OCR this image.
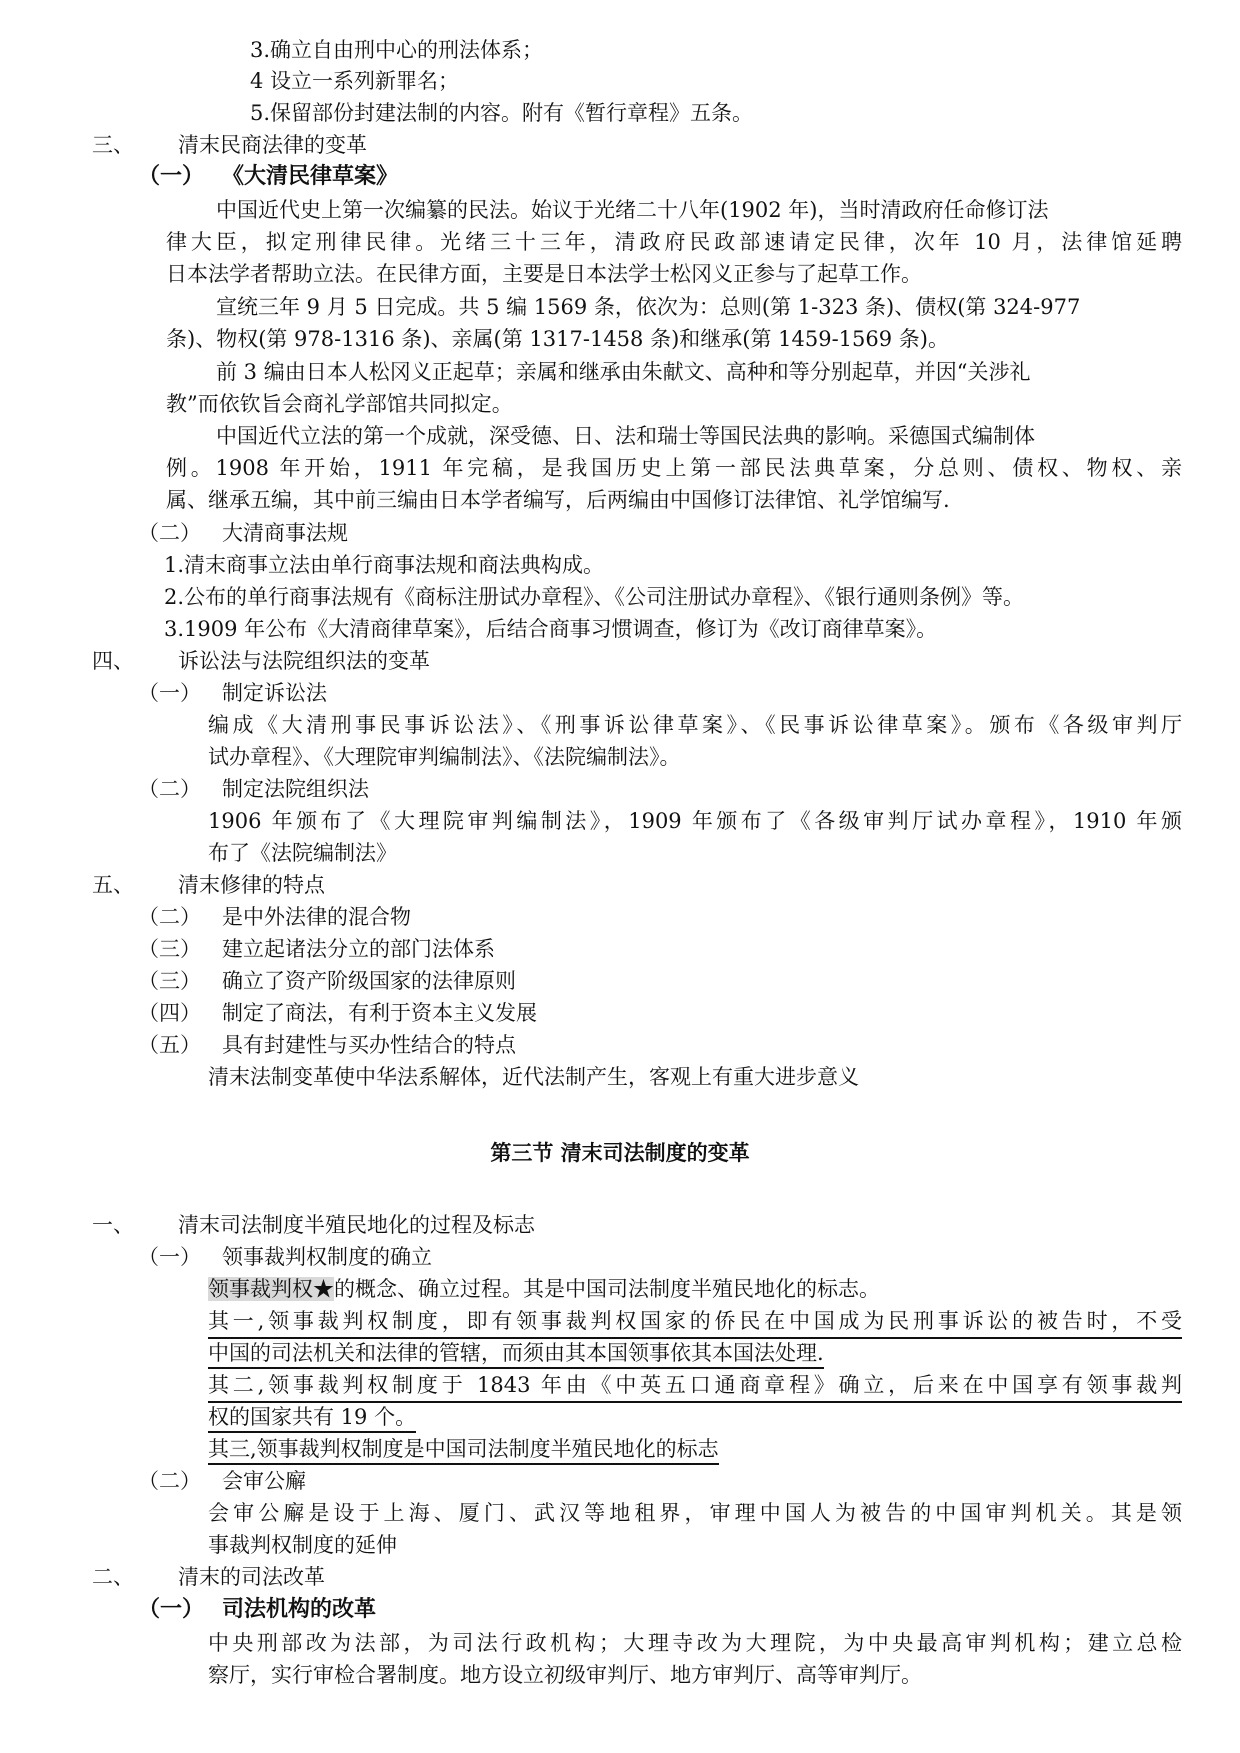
3.确立自由刑中心的刑法体系；
4 设立一系列新罪名；
5.保留部份封建法制的内容。附有《暂行章程》五条。
三、 清末民商法律的变革
（一） 《大清民律草案》
中国近代史上第一次编纂的民法。始议于光绪二十八年(1902 年)，当时清政府任命修订法
律大臣，拟定刑律民律。光绪三十三年，清政府民政部速请定民律，次年 10 月，法律馆延聘
日本法学者帮助立法。在民律方面，主要是日本法学士松冈义正参与了起草工作。
宣统三年 9 月 5 日完成。共 5 编 1569 条，依次为：总则(第 1-323 条)、债权(第 324-977
条)、物权(第 978-1316 条)、亲属(第 1317-1458 条)和继承(第 1459-1569 条)。
前 3 编由日本人松冈义正起草；亲属和继承由朱献文、高种和等分别起草，并因“关涉礼
教”而依钦旨会商礼学部馆共同拟定。
中国近代立法的第一个成就，深受德、日、法和瑞士等国民法典的影响。采德国式编制体
例。1908 年开始，1911 年完稿，是我国历史上第一部民法典草案，分总则、债权、物权、亲
属、继承五编，其中前三编由日本学者编写，后两编由中国修订法律馆、礼学馆编写.
（二） 大清商事法规
1.清末商事立法由单行商事法规和商法典构成。
2.公布的单行商事法规有《商标注册试办章程》、《公司注册试办章程》、《银行通则条例》等。
3.1909 年公布《大清商律草案》，后结合商事习惯调查，修订为《改订商律草案》。
四、 诉讼法与法院组织法的变革
（一） 制定诉讼法
编成《大清刑事民事诉讼法》、《刑事诉讼律草案》、《民事诉讼律草案》。颁布《各级审判厅
试办章程》、《大理院审判编制法》、《法院编制法》。
（二） 制定法院组织法
1906 年颁布了《大理院审判编制法》，1909 年颁布了《各级审判厅试办章程》，1910 年颁
布了《法院编制法》
五、 清末修律的特点
（二） 是中外法律的混合物
（三） 建立起诸法分立的部门法体系
（三） 确立了资产阶级国家的法律原则
（四） 制定了商法，有利于资本主义发展
（五） 具有封建性与买办性结合的特点
清末法制变革使中华法系解体，近代法制产生，客观上有重大进步意义
第三节 清末司法制度的变革
一、 清末司法制度半殖民地化的过程及标志
（一） 领事裁判权制度的确立
领事裁判权★的概念、确立过程。其是中国司法制度半殖民地化的标志。
其一,领事裁判权制度，即有领事裁判权国家的侨民在中国成为民刑事诉讼的被告时，不受
中国的司法机关和法律的管辖，而须由其本国领事依其本国法处理.
其二,领事裁判权制度于 1843 年由《中英五口通商章程》确立，后来在中国享有领事裁判
权的国家共有 19 个。
其三,领事裁判权制度是中国司法制度半殖民地化的标志
（二） 会审公廨
会审公廨是设于上海、厦门、武汉等地租界，审理中国人为被告的中国审判机关。其是领
事裁判权制度的延伸
二、 清末的司法改革
（一） 司法机构的改革
中央刑部改为法部，为司法行政机构；大理寺改为大理院，为中央最高审判机构；建立总检
察厅，实行审检合署制度。地方设立初级审判厅、地方审判厅、高等审判厅。
